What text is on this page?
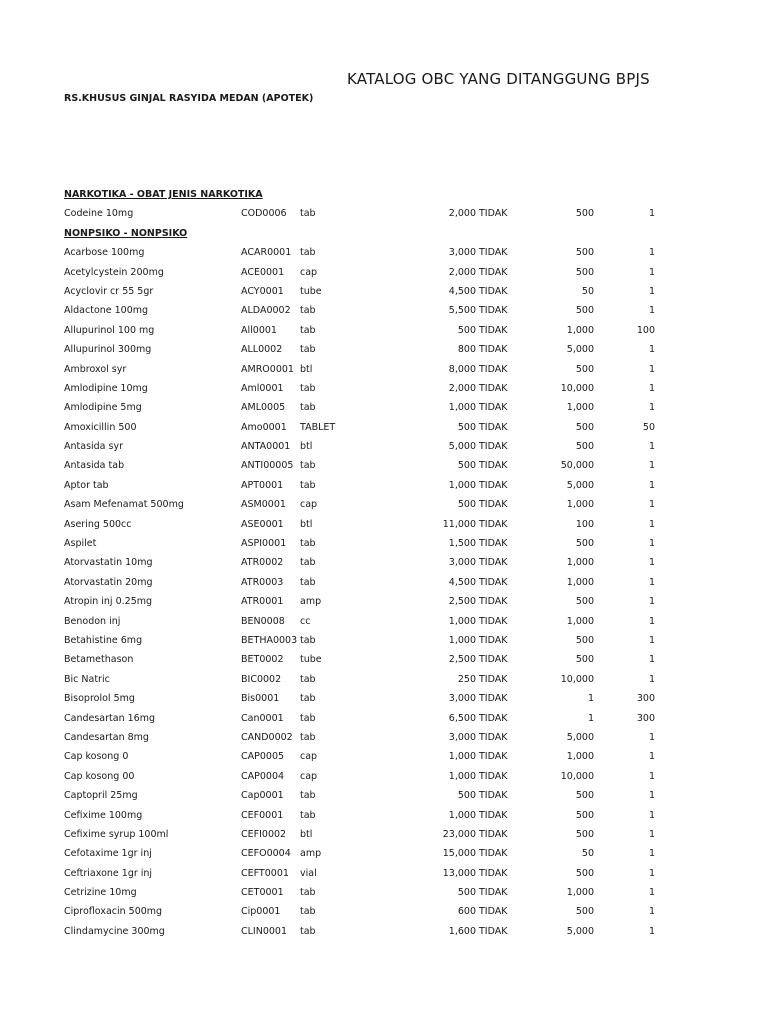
KATALOG OBC YANG DITANGGUNG BPJS
RS.KHUSUS GINJAL RASYIDA MEDAN (APOTEK)
NARKOTIKA - OBAT JENIS NARKOTIKA
Codeine 10mg	COD0006 tab	2,000 TIDAK	500	1
NONPSIKO - NONPSIKO
Acarbose 100mg	ACAR0001 tab	3,000 TIDAK	500	1
Acetylcystein 200mg	ACE0001 cap	2,000 TIDAK	500	1
Acyclovir cr 55 5gr	ACY0001 tube	4,500 TIDAK	50	1
Aldactone 100mg	ALDA0002 tab	5,500 TIDAK	500	1
Allupurinol 100 mg	All0001 tab	500 TIDAK	1,000	100
Allupurinol 300mg	ALL0002 tab	800 TIDAK	5,000	1
Ambroxol syr	AMRO0001 btl	8,000 TIDAK	500	1
Amlodipine 10mg	Aml0001 tab	2,000 TIDAK	10,000	1
Amlodipine 5mg	AML0005 tab	1,000 TIDAK	1,000	1
Amoxicillin 500	Amo0001 TABLET	500 TIDAK	500	50
Antasida syr	ANTA0001 btl	5,000 TIDAK	500	1
Antasida tab	ANTI00005 tab	500 TIDAK	50,000	1
Aptor tab	APT0001 tab	1,000 TIDAK	5,000	1
Asam Mefenamat 500mg	ASM0001 cap	500 TIDAK	1,000	1
Asering 500cc	ASE0001 btl	11,000 TIDAK	100	1
Aspilet	ASPI0001 tab	1,500 TIDAK	500	1
Atorvastatin 10mg	ATR0002 tab	3,000 TIDAK	1,000	1
Atorvastatin 20mg	ATR0003 tab	4,500 TIDAK	1,000	1
Atropin inj 0.25mg	ATR0001 amp	2,500 TIDAK	500	1
Benodon inj	BEN0008 cc	1,000 TIDAK	1,000	1
Betahistine 6mg	BETHA0003 tab	1,000 TIDAK	500	1
Betamethason	BET0002 tube	2,500 TIDAK	500	1
Bic Natric	BIC0002 tab	250 TIDAK	10,000	1
Bisoprolol 5mg	Bis0001 tab	3,000 TIDAK	1	300
Candesartan 16mg	Can0001 tab	6,500 TIDAK	1	300
Candesartan 8mg	CAND0002 tab	3,000 TIDAK	5,000	1
Cap kosong 0	CAP0005 cap	1,000 TIDAK	1,000	1
Cap kosong 00	CAP0004 cap	1,000 TIDAK	10,000	1
Captopril 25mg	Cap0001 tab	500 TIDAK	500	1
Cefixime 100mg	CEF0001 tab	1,000 TIDAK	500	1
Cefixime syrup 100ml	CEFI0002 btl	23,000 TIDAK	500	1
Cefotaxime 1gr inj	CEFO0004 amp	15,000 TIDAK	50	1
Ceftriaxone 1gr inj	CEFT0001 vial	13,000 TIDAK	500	1
Cetrizine 10mg	CET0001 tab	500 TIDAK	1,000	1
Ciprofloxacin 500mg	Cip0001 tab	600 TIDAK	500	1
Clindamycine 300mg	CLIN0001 tab	1,600 TIDAK	5,000	1
